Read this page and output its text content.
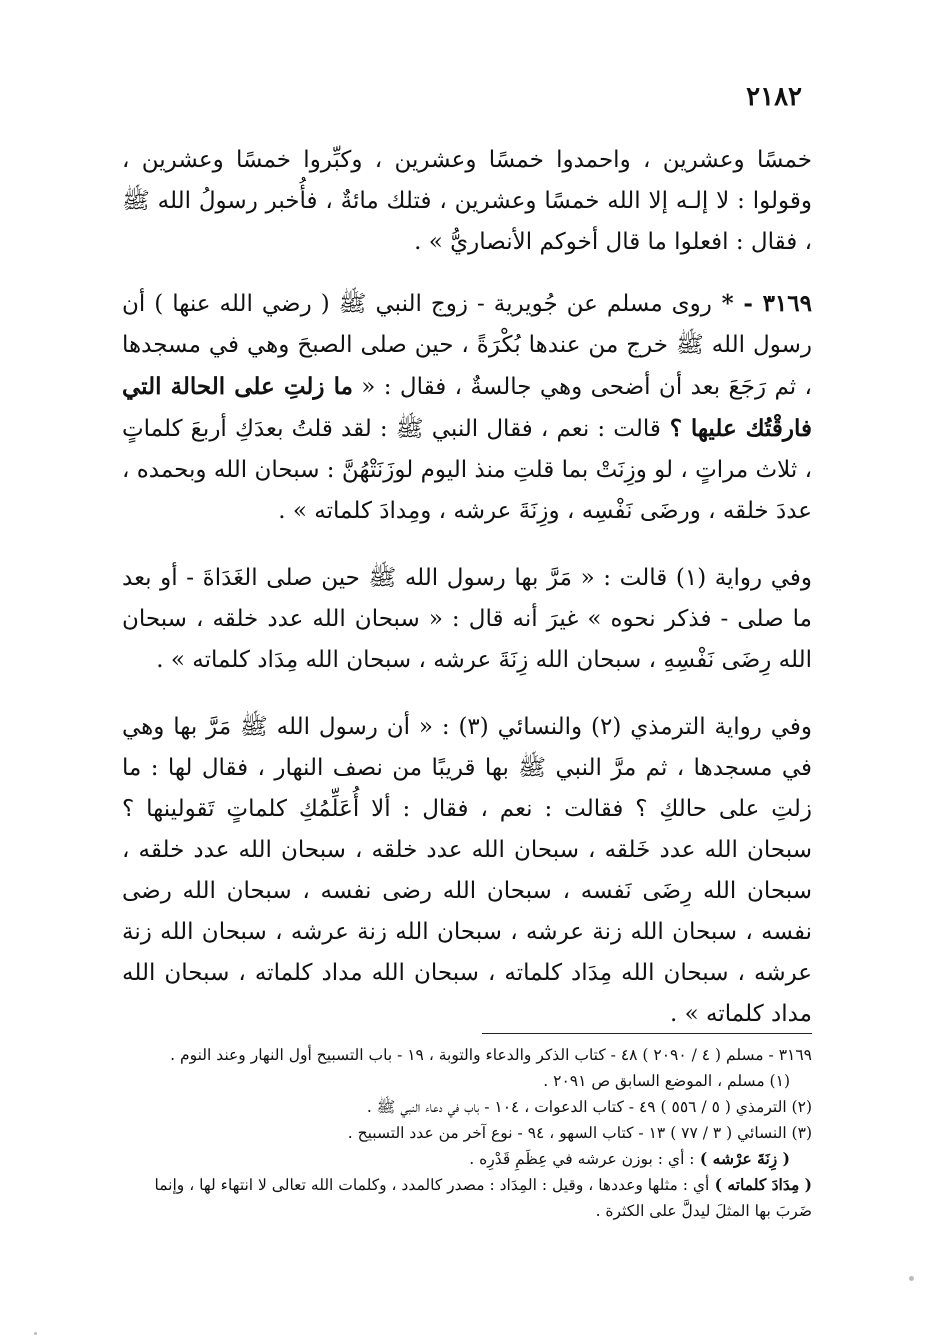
٢١٨٢

خمسًا وعشرين ، واحمدوا خمسًا وعشرين ، وكبِّروا خمسًا وعشرين ، وقولوا : لا إلـه إلا الله خمسًا وعشرين ، فتلك مائةٌ ، فأُخبر رسولُ الله ﷺ ، فقال : افعلوا ما قال أخوكم الأنصاريُّ » .

٣١٦٩ - * روى مسلم عن جُويرية - زوج النبي ﷺ ( رضي الله عنها ) أن رسول الله ﷺ خرج من عندها بُكْرَةً ، حين صلى الصبحَ وهي في مسجدها ، ثم رَجَعَ بعد أن أضحى وهي جالسةٌ ، فقال : « ما زلتِ على الحالة التي فارقْتُك عليها ؟ قالت : نعم ، فقال النبي ﷺ : لقد قلتُ بعدَكِ أربعَ كلماتٍ ، ثلاث مراتٍ ، لو وزِنَتْ بما قلتِ منذ اليوم لوزَنَتْهُنَّ : سبحان الله وبحمده ، عددَ خلقه ، ورضَى نَفْسِه ، وزِنَةَ عرشه ، ومِدادَ كلماته » .

وفي رواية (١) قالت : « مَرَّ بها رسول الله ﷺ حين صلى الغَدَاةَ - أو بعد ما صلى - فذكر نحوه » غيرَ أنه قال : « سبحان الله عدد خلقه ، سبحان الله رِضَى نَفْسِهِ ، سبحان الله زِنَةَ عرشه ، سبحان الله مِدَاد كلماته » .

وفي رواية الترمذي (٢) والنسائي (٣) : « أن رسول الله ﷺ مَرَّ بها وهي في مسجدها ، ثم مرَّ النبي ﷺ بها قريبًا من نصف النهار ، فقال لها : ما زلتِ على حالكِ ؟ فقالت : نعم ، فقال : ألا أُعَلِّمُكِ كلماتٍ تَقولينها ؟ سبحان الله عدد خَلقه ، سبحان الله عدد خلقه ، سبحان الله عدد خلقه ، سبحان الله رِضَى نَفسه ، سبحان الله رضى نفسه ، سبحان الله رضى نفسه ، سبحان الله زنة عرشه ، سبحان الله زنة عرشه ، سبحان الله زنة عرشه ، سبحان الله مِدَاد كلماته ، سبحان الله مداد كلماته ، سبحان الله مداد كلماته » .

٣١٦٩ - مسلم ( ٤ / ٢٠٩٠ ) ٤٨ - كتاب الذكر والدعاء والتوبة ، ١٩ - باب التسبيح أول النهار وعند النوم .

(١) مسلم ، الموضع السابق ص ٢٠٩١ .

(٢) الترمذي ( ٥ / ٥٥٦ ) ٤٩ - كتاب الدعوات ، ١٠٤ - باب في دعاء النبي ﷺ .

(٣) النسائي ( ٣ / ٧٧ ) ١٣ - كتاب السهو ، ٩٤ - نوع آخر من عدد التسبيح .

( زِنَةَ عرْشه ) : أي : بوزن عرشه في عِظَمِ قَدْرِه .

( مِدَادَ كلماته ) أي : مثلها وعددها ، وقيل : المِدَاد : مصدر كالمدد ، وكلمات الله تعالى لا انتهاء لها ، وإنما ضَربَ بها المثلَ ليدلَّ على الكثرة .
